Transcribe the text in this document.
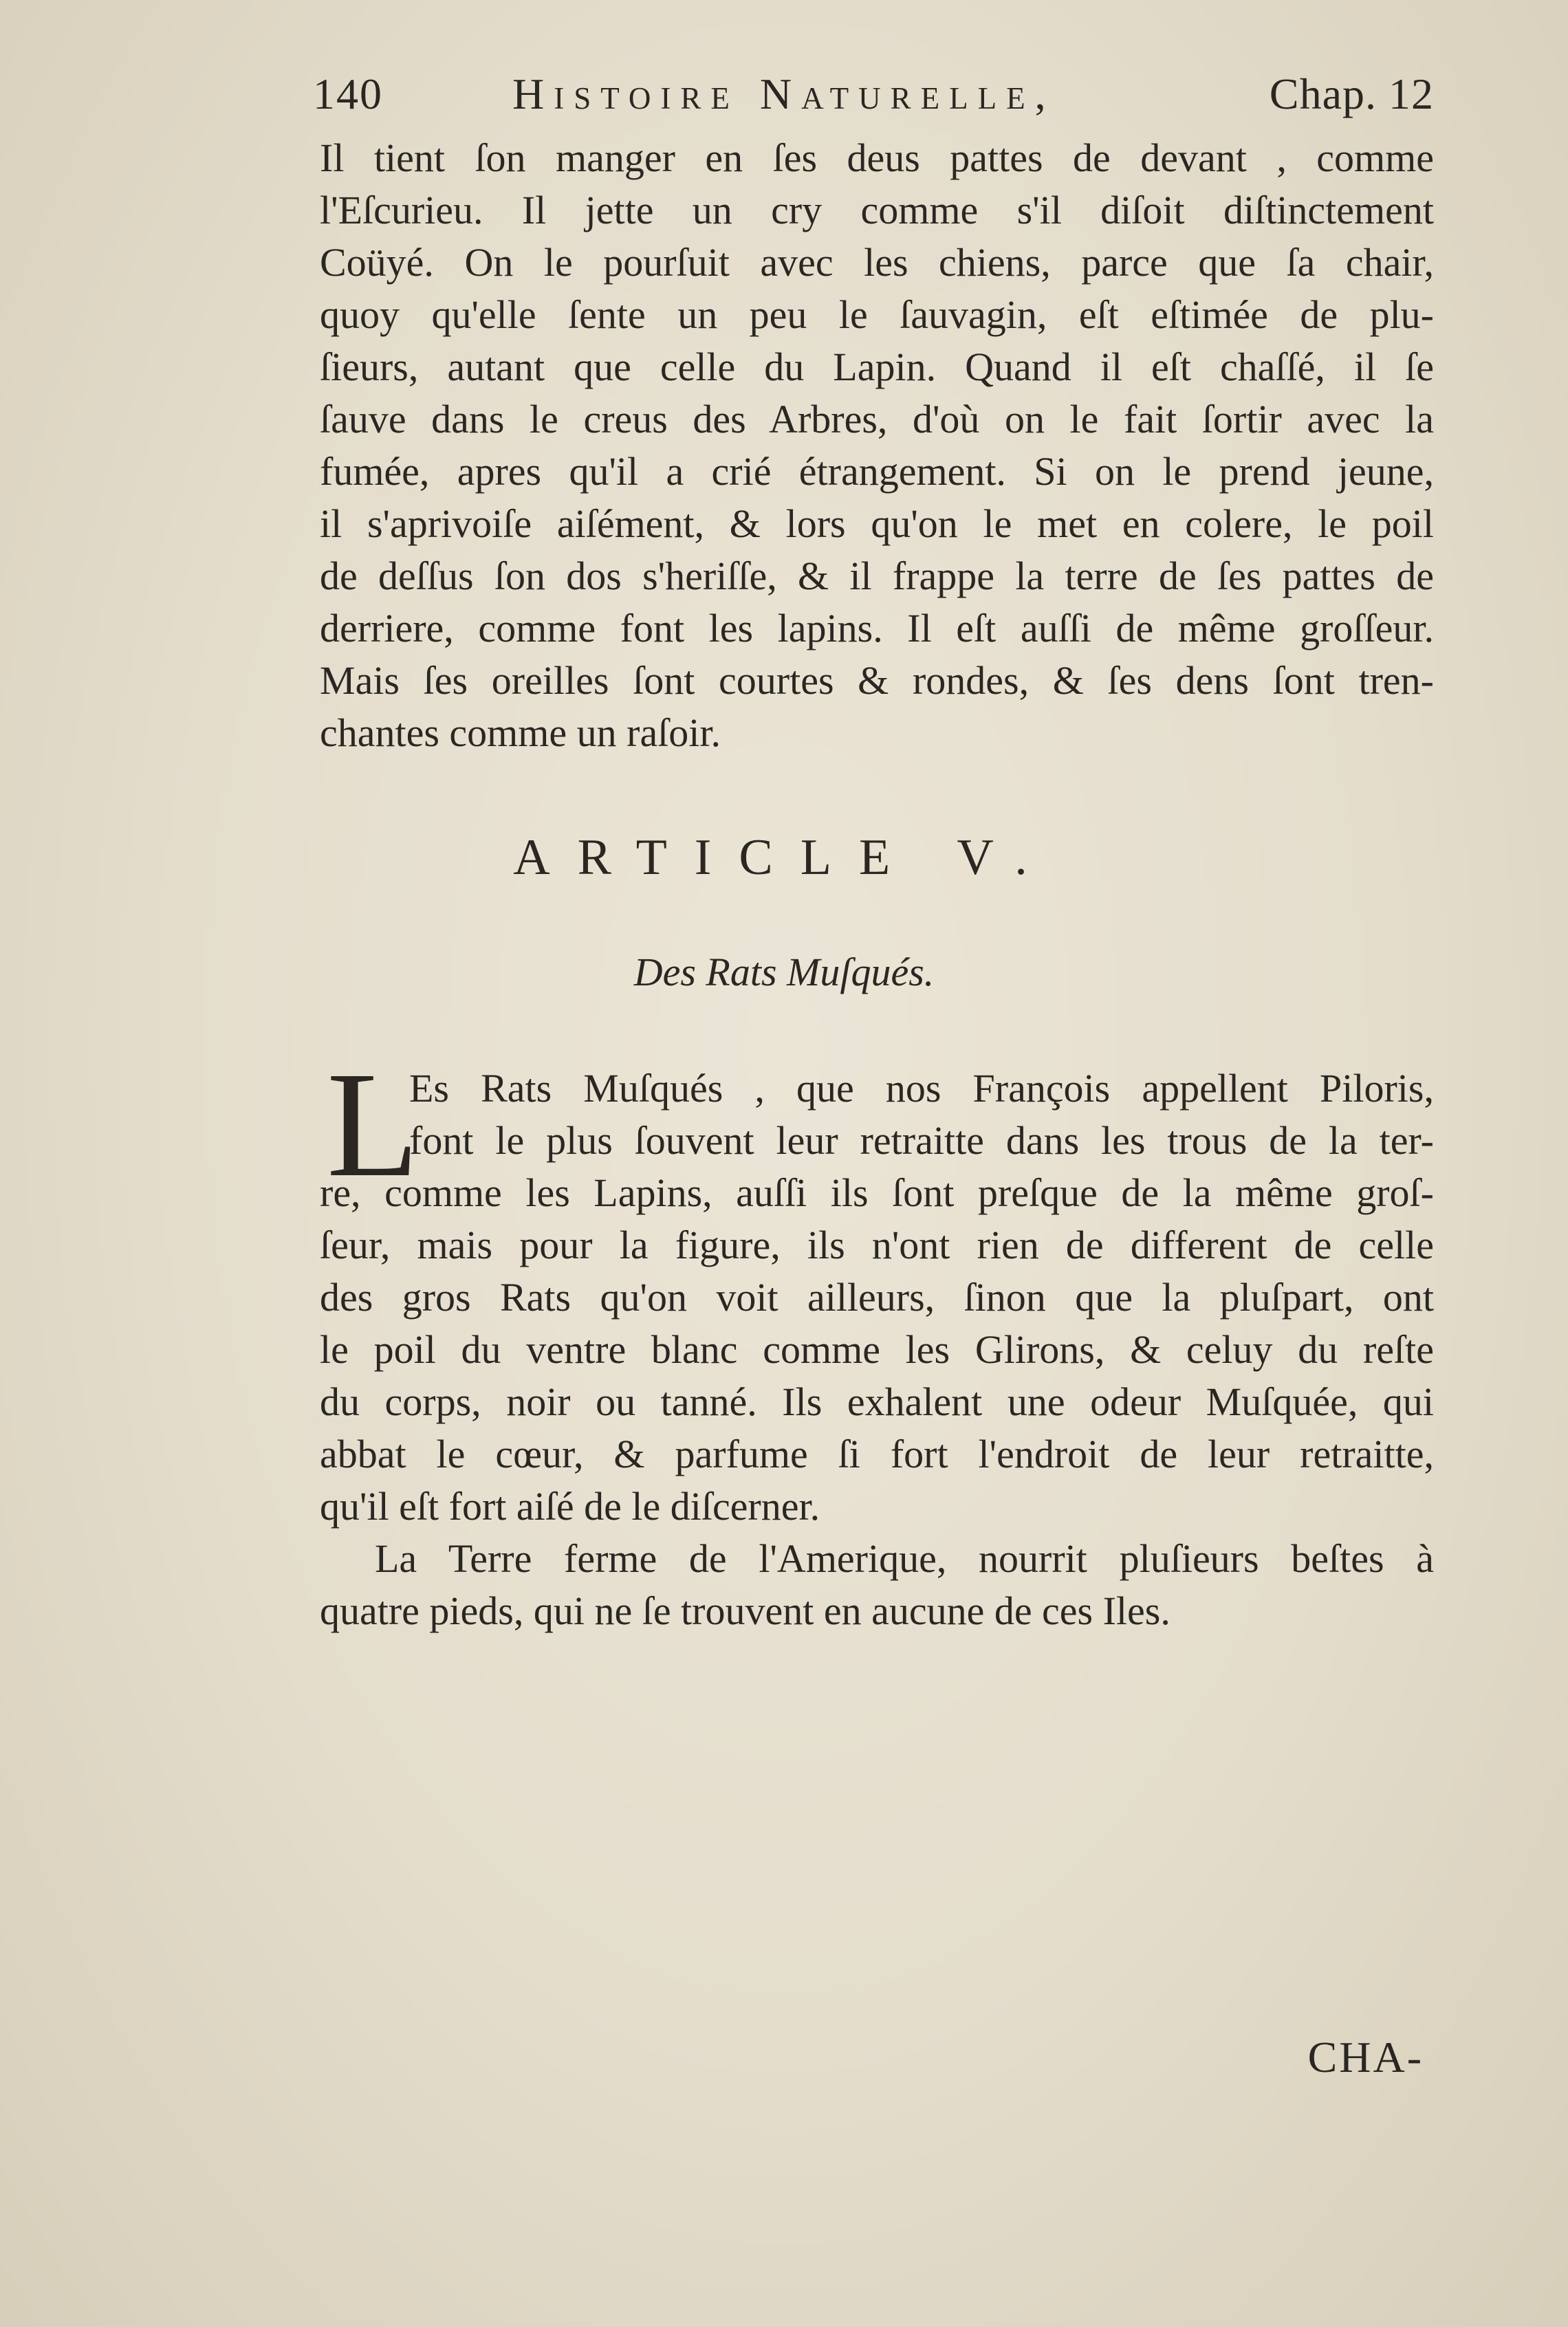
140	Histoire Naturelle,	Chap. 12
Il tient ſon manger en ſes deus pattes de devant , comme
l'Eſcurieu. Il jette un cry comme s'il diſoit diſtinctement
Coüyé. On le pourſuit avec les chiens, parce que ſa chair,
quoy qu'elle ſente un peu le ſauvagin, eſt eſtimée de plu-
ſieurs, autant que celle du Lapin. Quand il eſt chaſſé, il ſe
ſauve dans le creus des Arbres, d'où on le fait ſortir avec la
fumée, apres qu'il a crié étrangement. Si on le prend jeune,
il s'aprivoiſe aiſément, & lors qu'on le met en colere, le poil
de deſſus ſon dos s'heriſſe, & il frappe la terre de ſes pattes de
derriere, comme font les lapins. Il eſt auſſi de même groſſeur.
Mais ſes oreilles ſont courtes & rondes, & ſes dens ſont tren-
chantes comme un raſoir.
ARTICLE V.
Des Rats Muſqués.
L
Es Rats Muſqués , que nos François appellent Piloris,
font le plus ſouvent leur retraitte dans les trous de la ter-
re, comme les Lapins, auſſi ils ſont preſque de la même groſ-
ſeur, mais pour la figure, ils n'ont rien de different de celle
des gros Rats qu'on voit ailleurs, ſinon que la pluſpart, ont
le poil du ventre blanc comme les Glirons, & celuy du reſte
du corps, noir ou tanné. Ils exhalent une odeur Muſquée, qui
abbat le cœur, & parfume ſi fort l'endroit de leur retraitte,
qu'il eſt fort aiſé de le diſcerner.
La Terre ferme de l'Amerique, nourrit pluſieurs beſtes à
quatre pieds, qui ne ſe trouvent en aucune de ces Iles.
CHA-
